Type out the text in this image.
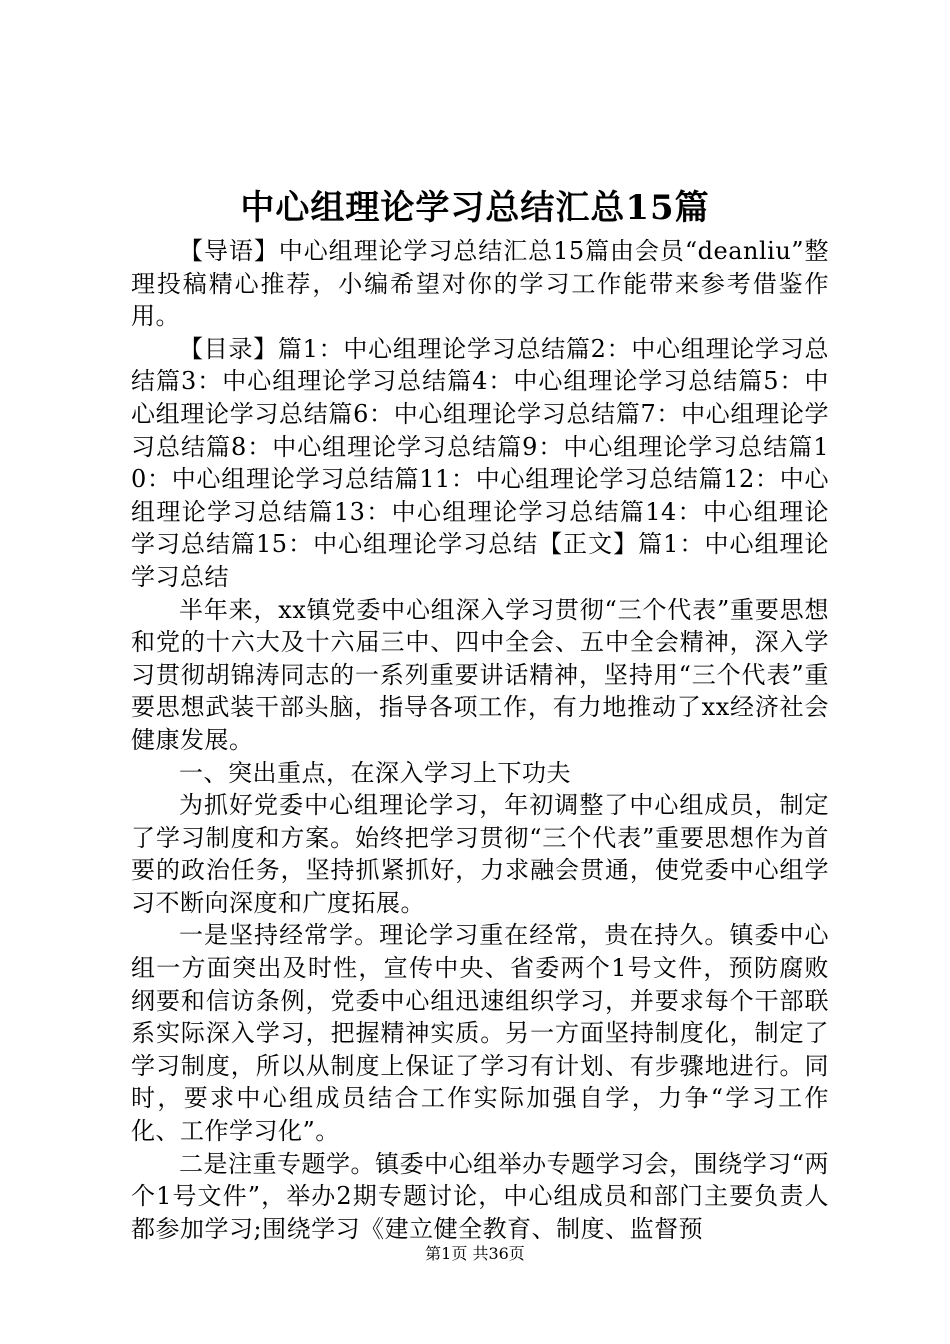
中心组理论学习总结汇总15篇

【导语】中心组理论学习总结汇总15篇由会员“deanliu”整理投稿精心推荐，小编希望对你的学习工作能带来参考借鉴作用。

【目录】篇1：中心组理论学习总结篇2：中心组理论学习总结篇3：中心组理论学习总结篇4：中心组理论学习总结篇5：中心组理论学习总结篇6：中心组理论学习总结篇7：中心组理论学习总结篇8：中心组理论学习总结篇9：中心组理论学习总结篇10：中心组理论学习总结篇11：中心组理论学习总结篇12：中心组理论学习总结篇13：中心组理论学习总结篇14：中心组理论学习总结篇15：中心组理论学习总结【正文】篇1：中心组理论学习总结

半年来，xx镇党委中心组深入学习贯彻“三个代表”重要思想和党的十六大及十六届三中、四中全会、五中全会精神，深入学习贯彻胡锦涛同志的一系列重要讲话精神，坚持用“三个代表”重要思想武装干部头脑，指导各项工作，有力地推动了xx经济社会健康发展。

一、突出重点，在深入学习上下功夫

为抓好党委中心组理论学习，年初调整了中心组成员，制定了学习制度和方案。始终把学习贯彻“三个代表”重要思想作为首要的政治任务，坚持抓紧抓好，力求融会贯通，使党委中心组学习不断向深度和广度拓展。

一是坚持经常学。理论学习重在经常，贵在持久。镇委中心组一方面突出及时性，宣传中央、省委两个1号文件，预防腐败纲要和信访条例，党委中心组迅速组织学习，并要求每个干部联系实际深入学习，把握精神实质。另一方面坚持制度化，制定了学习制度，所以从制度上保证了学习有计划、有步骤地进行。同时，要求中心组成员结合工作实际加强自学，力争“学习工作化、工作学习化”。

二是注重专题学。镇委中心组举办专题学习会，围绕学习“两个1号文件”，举办2期专题讨论，中心组成员和部门主要负责人都参加学习;围绕学习《建立健全教育、制度、监督预

第1页 共36页
